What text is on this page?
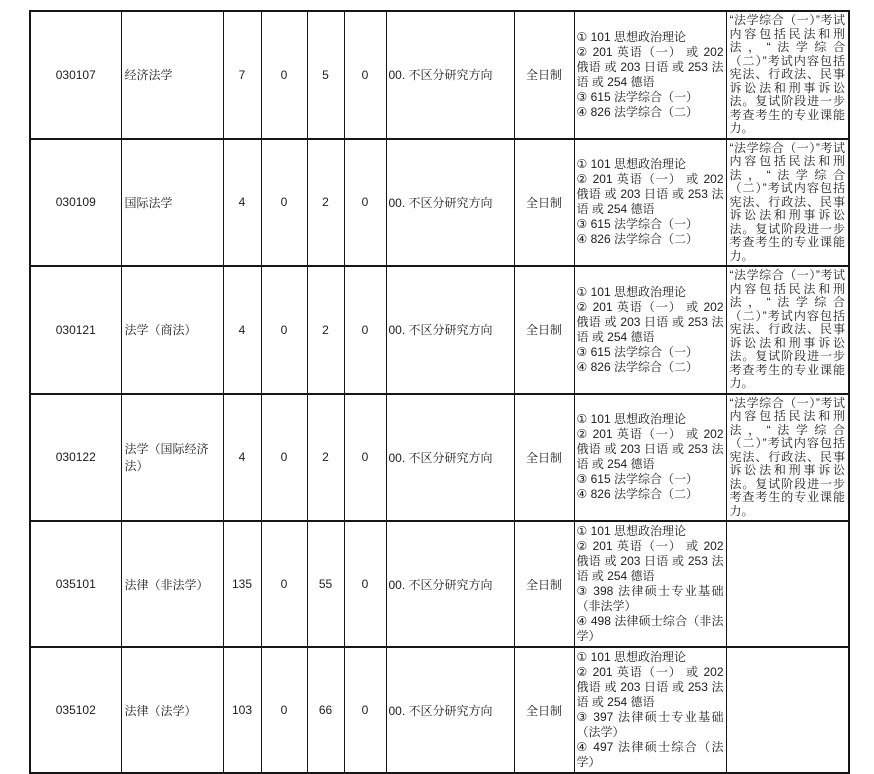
030107	经济法学	7	0	5	0	00. 不区分研究方向	全日制	① 101 思想政治理论
② 201 英语（一） 或 202 俄语 或 203 日语 或 253 法语 或 254 德语
③ 615 法学综合（一）
④ 826 法学综合（二）	“法学综合（一）”考试内容包括民法和刑法，“法学综合（二）”考试内容包括宪法、行政法、民事诉讼法和刑事诉讼法。复试阶段进一步考查考生的专业课能力。
030109	国际法学	4	0	2	0	00. 不区分研究方向	全日制	① 101 思想政治理论
② 201 英语（一） 或 202 俄语 或 203 日语 或 253 法语 或 254 德语
③ 615 法学综合（一）
④ 826 法学综合（二）	“法学综合（一）”考试内容包括民法和刑法，“法学综合（二）”考试内容包括宪法、行政法、民事诉讼法和刑事诉讼法。复试阶段进一步考查考生的专业课能力。
030121	法学（商法）	4	0	2	0	00. 不区分研究方向	全日制	① 101 思想政治理论
② 201 英语（一） 或 202 俄语 或 203 日语 或 253 法语 或 254 德语
③ 615 法学综合（一）
④ 826 法学综合（二）	“法学综合（一）”考试内容包括民法和刑法，“法学综合（二）”考试内容包括宪法、行政法、民事诉讼法和刑事诉讼法。复试阶段进一步考查考生的专业课能力。
030122	法学（国际经济法）	4	0	2	0	00. 不区分研究方向	全日制	① 101 思想政治理论
② 201 英语（一） 或 202 俄语 或 203 日语 或 253 法语 或 254 德语
③ 615 法学综合（一）
④ 826 法学综合（二）	“法学综合（一）”考试内容包括民法和刑法，“法学综合（二）”考试内容包括宪法、行政法、民事诉讼法和刑事诉讼法。复试阶段进一步考查考生的专业课能力。
035101	法律（非法学）	135	0	55	0	00. 不区分研究方向	全日制	① 101 思想政治理论
② 201 英语（一） 或 202 俄语 或 203 日语 或 253 法语 或 254 德语
③ 398 法律硕士专业基础（非法学）
④ 498 法律硕士综合（非法学）	

035102	法律（法学）	103	0	66	0	00. 不区分研究方向	全日制	① 101 思想政治理论
② 201 英语（一） 或 202 俄语 或 203 日语 或 253 法语 或 254 德语
③ 397 法律硕士专业基础（法学）
④ 497 法律硕士综合（法学）	
